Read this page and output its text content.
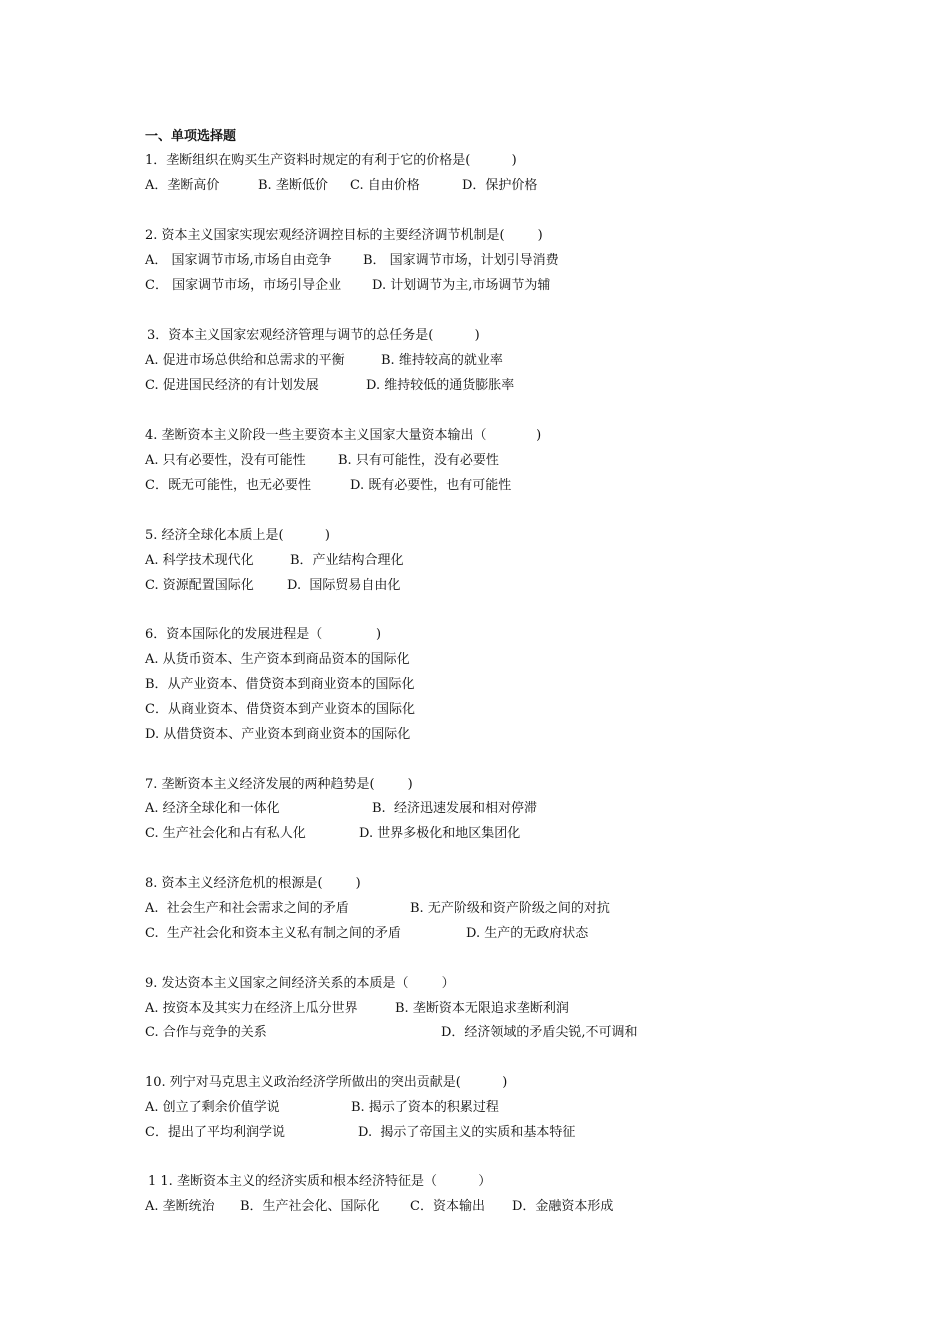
一、单项选择题
1．垄断组织在购买生产资料时规定的有利于它的价格是(          )
A．垄断高价	B. 垄断低价 C. 自由价格	D．保护价格
2. 资本主义国家实现宏观经济调控目标的主要经济调节机制是(        )
A． 国家调节市场,市场自由竞争 B． 国家调节市场，计划引导消费
C． 国家调节市场，市场引导企业 D. 计划调节为主,市场调节为辅
3．资本主义国家宏观经济管理与调节的总任务是(          )
A. 促进市场总供给和总需求的平衡	B. 维持较高的就业率
C. 促进国民经济的有计划发展	D. 维持较低的通货膨胀率
4. 垄断资本主义阶段一些主要资本主义国家大量资本输出（            )
A. 只有必要性，没有可能性 B. 只有可能性，没有必要性
C．既无可能性，也无必要性	D. 既有必要性，也有可能性
5. 经济全球化本质上是(          )
A. 科学技术现代化	B．产业结构合理化
C. 资源配置国际化	D.  国际贸易自由化
6．资本国际化的发展进程是（             )
A. 从货币资本、生产资本到商品资本的国际化
B．从产业资本、借贷资本到商业资本的国际化
C．从商业资本、借贷资本到产业资本的国际化
D. 从借贷资本、产业资本到商业资本的国际化
7. 垄断资本主义经济发展的两种趋势是(        )
A. 经济全球化和一体化	B.  经济迅速发展和相对停滞
C. 生产社会化和占有私人化	D. 世界多极化和地区集团化
8. 资本主义经济危机的根源是(        )
A.  社会生产和社会需求之间的矛盾	B. 无产阶级和资产阶级之间的对抗
C.  生产社会化和资本主义私有制之间的矛盾	D. 生产的无政府状态
9. 发达资本主义国家之间经济关系的本质是（        ）
A. 按资本及其实力在经济上瓜分世界	B. 垄断资本无限追求垄断利润
C. 合作与竞争的关系	D．经济领域的矛盾尖锐,不可调和
10. 列宁对马克思主义政治经济学所做出的突出贡献是(          )
A. 创立了剩余价值学说	B. 揭示了资本的积累过程
C．提出了平均利润学说	D.  揭示了帝国主义的实质和基本特征
1 1. 垄断资本主义的经济实质和根本经济特征是（          ）
A. 垄断统治 B．生产社会化、国际化 C．资本输出 D．金融资本形成
